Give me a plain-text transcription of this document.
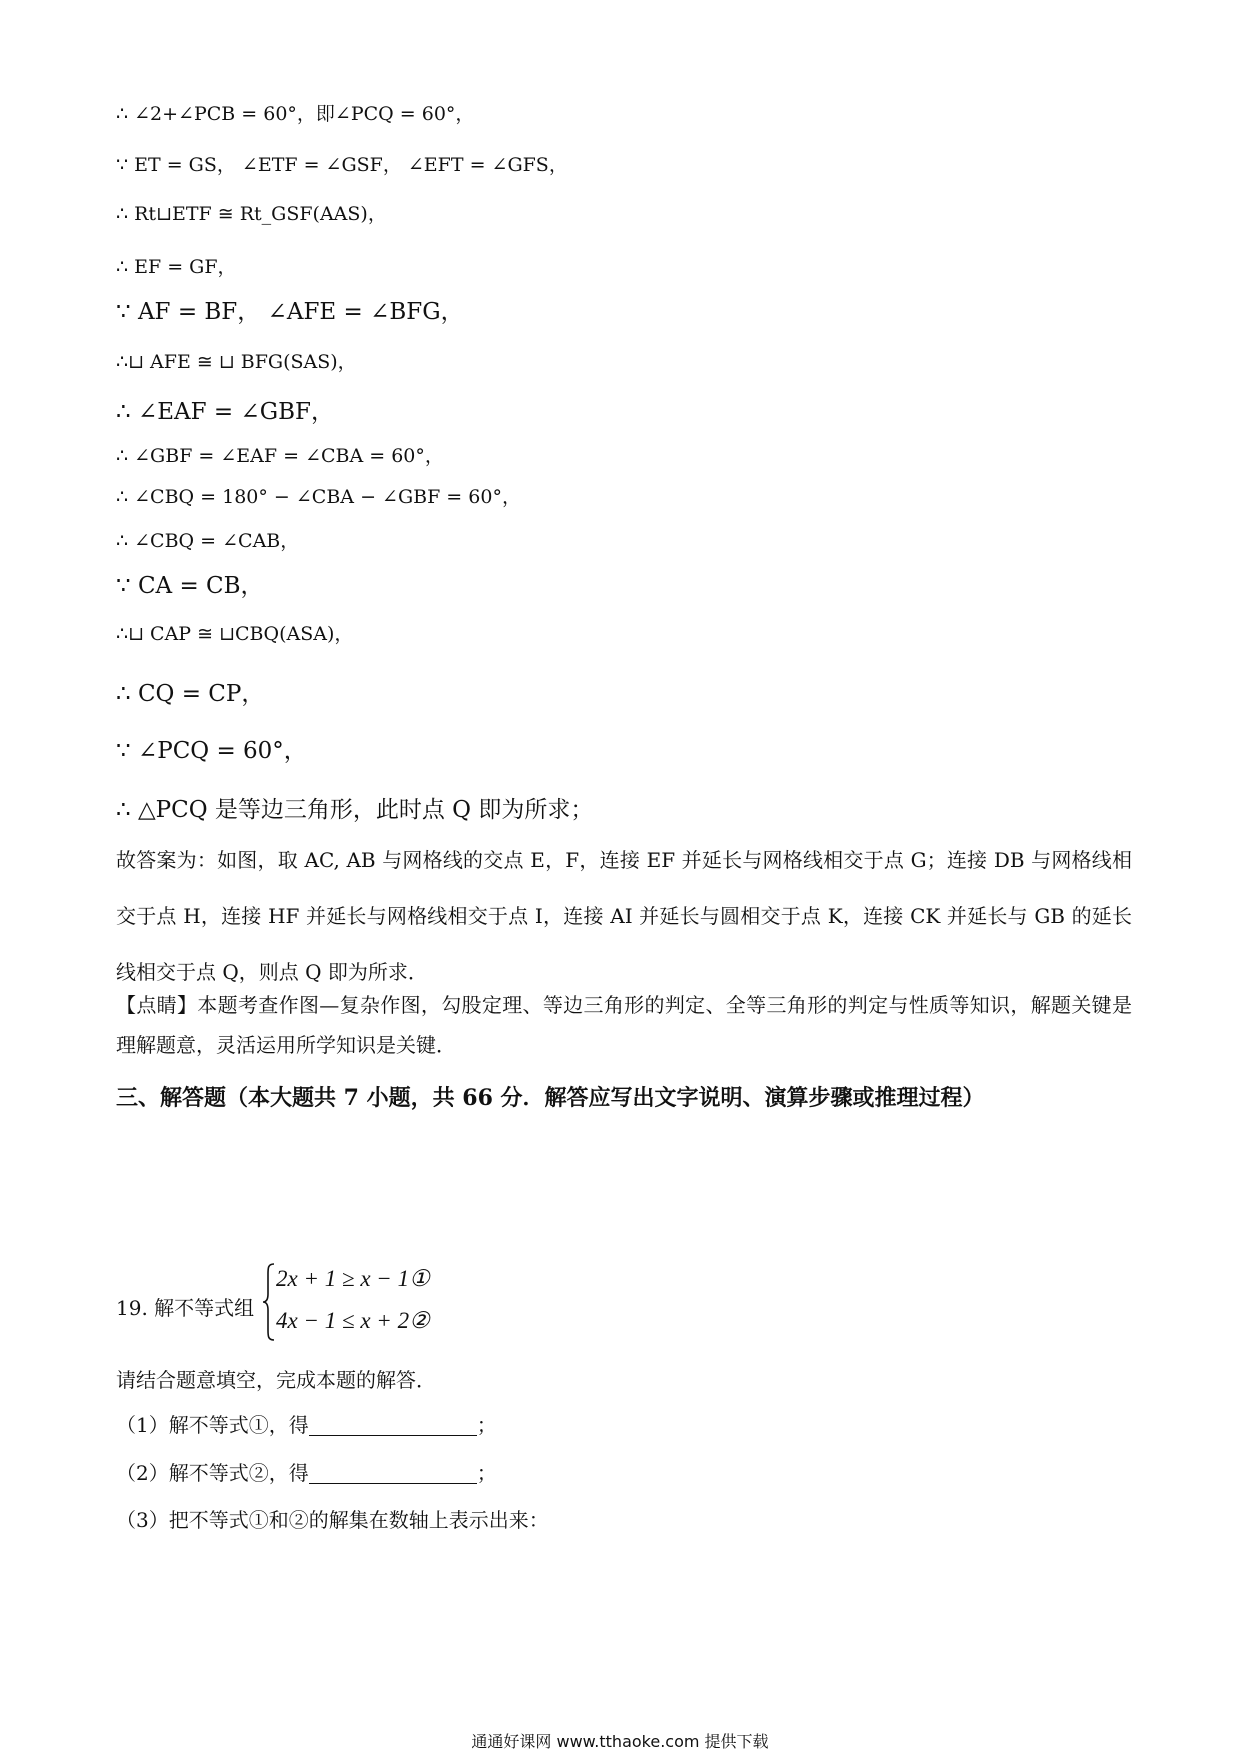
∴ ∠2+∠PCB = 60°，即∠PCQ = 60°，
∵ ET = GS， ∠ETF = ∠GSF， ∠EFT = ∠GFS，
∴ Rt⊔ETF ≅ Rt_GSF(AAS)，
∴ EF = GF，
∵ AF = BF， ∠AFE = ∠BFG，
∴⊔ AFE ≅ ⊔ BFG(SAS)，
∴ ∠EAF = ∠GBF，
∴ ∠GBF = ∠EAF = ∠CBA = 60°，
∴ ∠CBQ = 180° − ∠CBA − ∠GBF = 60°，
∴ ∠CBQ = ∠CAB，
∵ CA = CB，
∴⊔ CAP ≅ ⊔CBQ(ASA)，
∴ CQ = CP，
∵ ∠PCQ = 60°，
∴ △PCQ 是等边三角形，此时点 Q 即为所求；
故答案为：如图，取 AC, AB 与网格线的交点 E，F，连接 EF 并延长与网格线相交于点 G；连接 DB 与网格线相交于点 H，连接 HF 并延长与网格线相交于点 I，连接 AI 并延长与圆相交于点 K，连接 CK 并延长与 GB 的延长线相交于点 Q，则点 Q 即为所求．
【点睛】本题考查作图—复杂作图，勾股定理、等边三角形的判定、全等三角形的判定与性质等知识，解题关键是理解题意，灵活运用所学知识是关键．
三、解答题（本大题共 7 小题，共 66 分．解答应写出文字说明、演算步骤或推理过程）
19. 解不等式组
2x + 1 ≥ x − 1①
4x − 1 ≤ x + 2②
请结合题意填空，完成本题的解答．
（1）解不等式①，得	；
（2）解不等式②，得	；
（3）把不等式①和②的解集在数轴上表示出来：
通通好课网 www.tthaoke.com 提供下载
